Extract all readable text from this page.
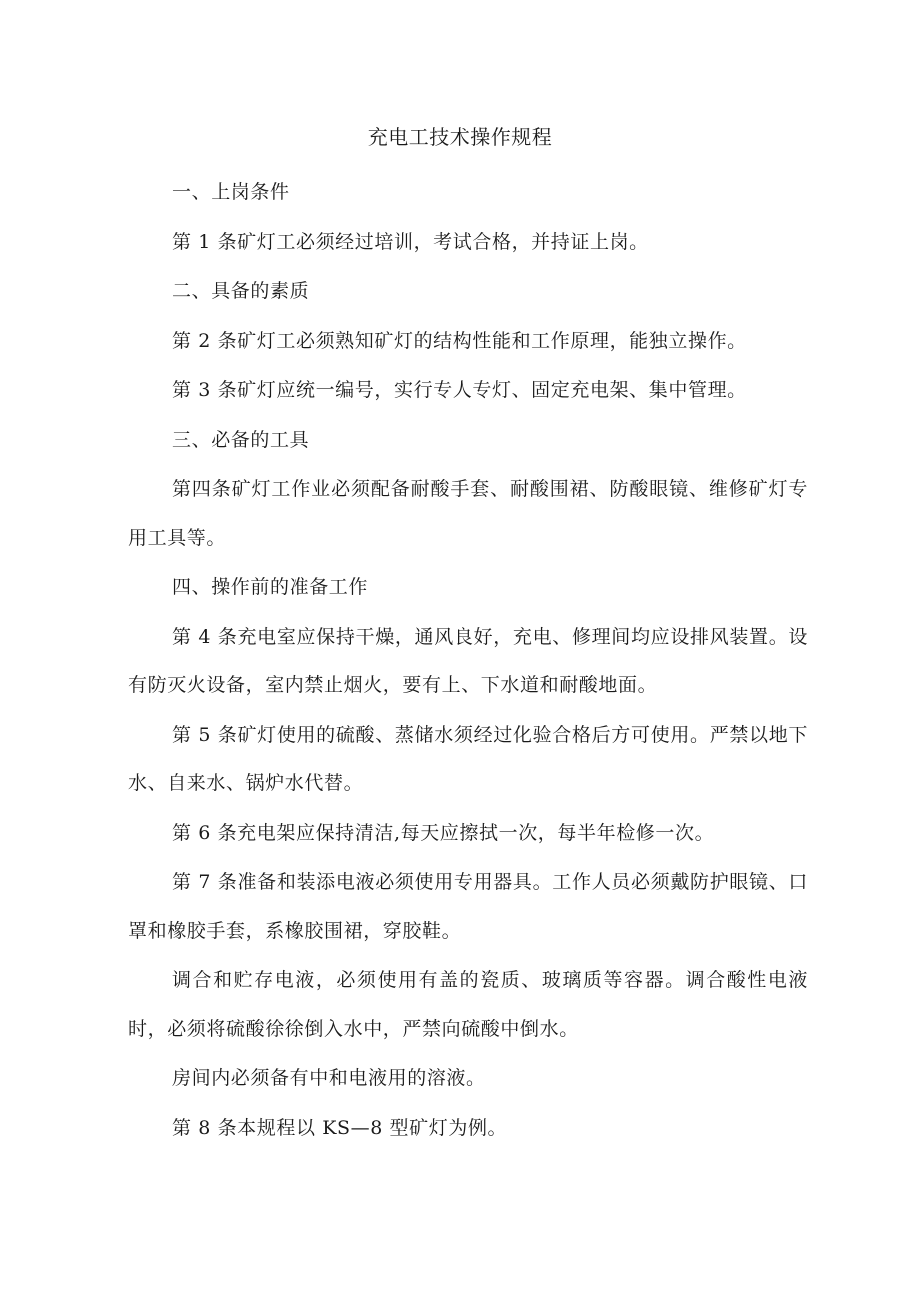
充电工技术操作规程

一、上岗条件

第 1 条矿灯工必须经过培训，考试合格，并持证上岗。

二、具备的素质

第 2 条矿灯工必须熟知矿灯的结构性能和工作原理，能独立操作。

第 3 条矿灯应统一编号，实行专人专灯、固定充电架、集中管理。

三、必备的工具

第四条矿灯工作业必须配备耐酸手套、耐酸围裙、防酸眼镜、维修矿灯专用工具等。

四、操作前的准备工作

第 4 条充电室应保持干燥，通风良好，充电、修理间均应设排风装置。设有防灭火设备，室内禁止烟火，要有上、下水道和耐酸地面。

第 5 条矿灯使用的硫酸、蒸储水须经过化验合格后方可使用。严禁以地下水、自来水、锅炉水代替。

第 6 条充电架应保持清洁,每天应擦拭一次，每半年检修一次。

第 7 条准备和装添电液必须使用专用器具。工作人员必须戴防护眼镜、口罩和橡胶手套，系橡胶围裙，穿胶鞋。

调合和贮存电液，必须使用有盖的瓷质、玻璃质等容器。调合酸性电液时，必须将硫酸徐徐倒入水中，严禁向硫酸中倒水。

房间内必须备有中和电液用的溶液。

第 8 条本规程以 KS—8 型矿灯为例。
